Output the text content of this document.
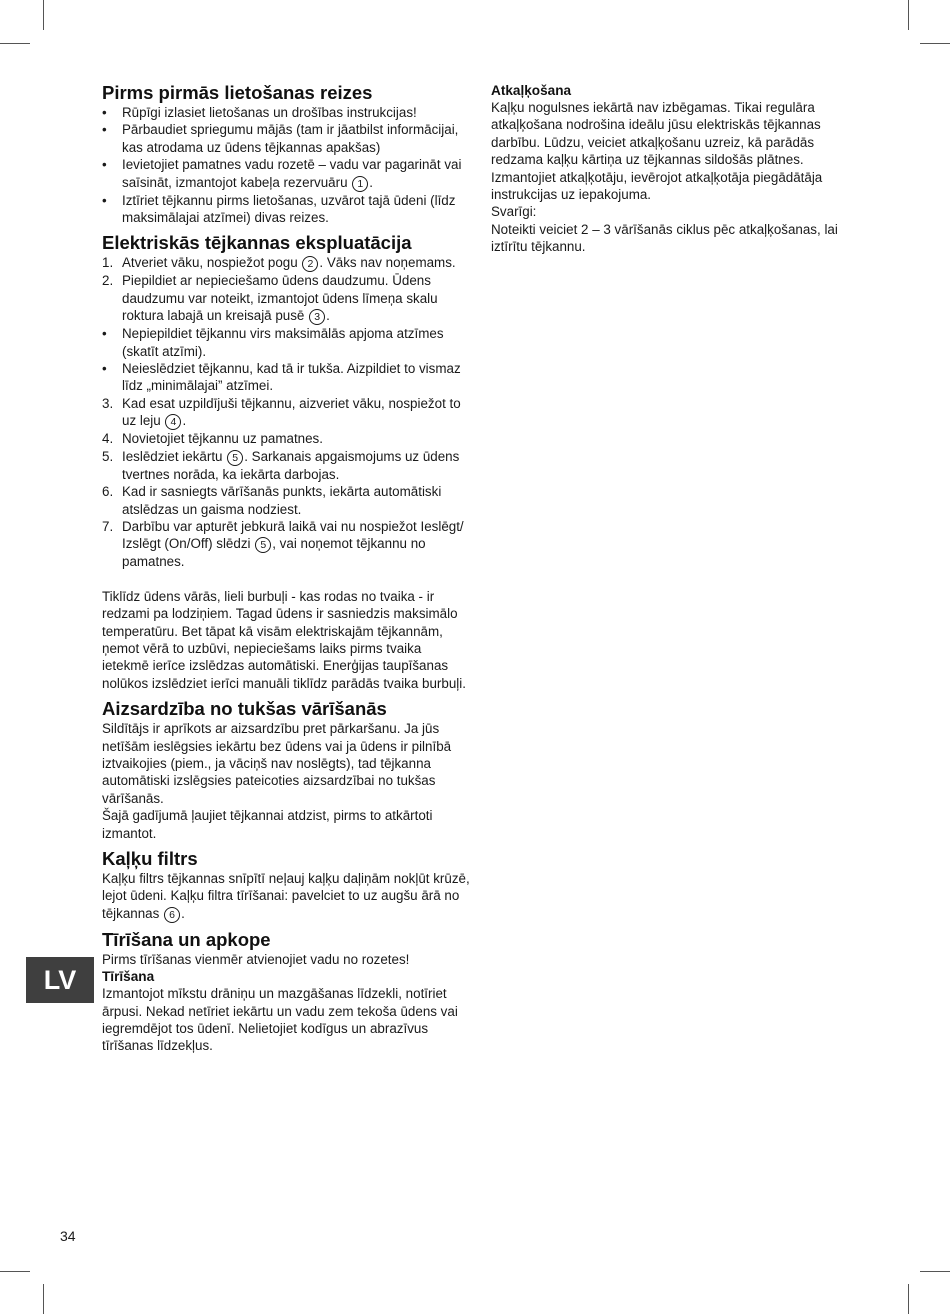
Pirms pirmās lietošanas reizes
• Rūpīgi izlasiet lietošanas un drošības instrukcijas!
• Pārbaudiet spriegumu mājās (tam ir jāatbilst informācijai, kas atrodama uz ūdens tējkannas apakšas)
• Ievietojiet pamatnes vadu rozetē – vadu var pagarināt vai saīsināt, izmantojot kabeļa rezervuāru 1 .
• Iztīriet tējkannu pirms lietošanas, uzvārot tajā ūdeni (līdz maksimālajai atzīmei) divas reizes.
Elektriskās tējkannas ekspluatācija
1. Atveriet vāku, nospiežot pogu 2 . Vāks nav noņemams.
2. Piepildiet ar nepieciešamo ūdens daudzumu. Ūdens daudzumu var noteikt, izmantojot ūdens līmeņa skalu roktura labajā un kreisajā pusē 3 .
• Nepiepildiet tējkannu virs maksimālās apjoma atzīmes (skatīt atzīmi).
• Neieslēdziet tējkannu, kad tā ir tukša. Aizpildiet to vismaz līdz „minimālajai” atzīmei.
3. Kad esat uzpildījuši tējkannu, aizveriet vāku, nospiežot to uz leju 4 .
4. Novietojiet tējkannu uz pamatnes.
5. Ieslēdziet iekārtu 5 . Sarkanais apgaismojums uz ūdens tvertnes norāda, ka iekārta darbojas.
6. Kad ir sasniegts vārīšanās punkts, iekārta automātiski atslēdzas un gaisma nodziest.
7. Darbību var apturēt jebkurā laikā vai nu nospiežot Ieslēgt/ Izslēgt (On/Off) slēdzi 5 , vai noņemot tējkannu no pamatnes.

Tiklīdz ūdens vārās, lieli burbuļi - kas rodas no tvaika - ir redzami pa lodziņiem. Tagad ūdens ir sasniedzis maksimālo temperatūru. Bet tāpat kā visām elektriskajām tējkannām, ņemot vērā to uzbūvi, nepieciešams laiks pirms tvaika ietekmē ierīce izslēdzas automātiski. Enerģijas taupīšanas nolūkos izslēdziet ierīci manuāli tiklīdz parādās tvaika burbuļi.

Aizsardzība no tukšas vārīšanās

Sildītājs ir aprīkots ar aizsardzību pret pārkaršanu. Ja jūs netīšām ieslēgsies iekārtu bez ūdens vai ja ūdens ir pilnībā iztvaikojies (piem., ja vāciņš nav noslēgts), tad tējkanna automātiski izslēgsies pateicoties aizsardzībai no tukšas vārīšanās.

Šajā gadījumā ļaujiet tējkannai atdzist, pirms to atkārtoti izmantot.

Kaļķu filtrs

Kaļķu filtrs tējkannas snīpītī neļauj kaļķu daļiņām nokļūt krūzē, lejot ūdeni. Kaļķu filtra tīrīšanai: pavelciet to uz augšu ārā no tējkannas 6 .

Tīrīšana un apkope

Pirms tīrīšanas vienmēr atvienojiet vadu no rozetes!

Tīrīšana

Izmantojot mīkstu drāniņu un mazgāšanas līdzekli, notīriet ārpusi. Nekad netīriet iekārtu un vadu zem tekoša ūdens vai iegremdējot tos ūdenī. Nelietojiet kodīgus un abrazīvus tīrīšanas līdzekļus.

Atkaļķošana

Kaļķu nogulsnes iekārtā nav izbēgamas. Tikai regulāra atkaļķošana nodrošina ideālu jūsu elektriskās tējkannas darbību. Lūdzu, veiciet atkaļķošanu uzreiz, kā parādās redzama kaļķu kārtiņa uz tējkannas sildošās plātnes. Izmantojiet atkaļķotāju, ievērojot atkaļķotāja piegādātāja instrukcijas uz iepakojuma.

Svarīgi:

Noteikti veiciet 2 – 3 vārīšanās ciklus pēc atkaļķošanas, lai iztīrītu tējkannu.

LV
34
